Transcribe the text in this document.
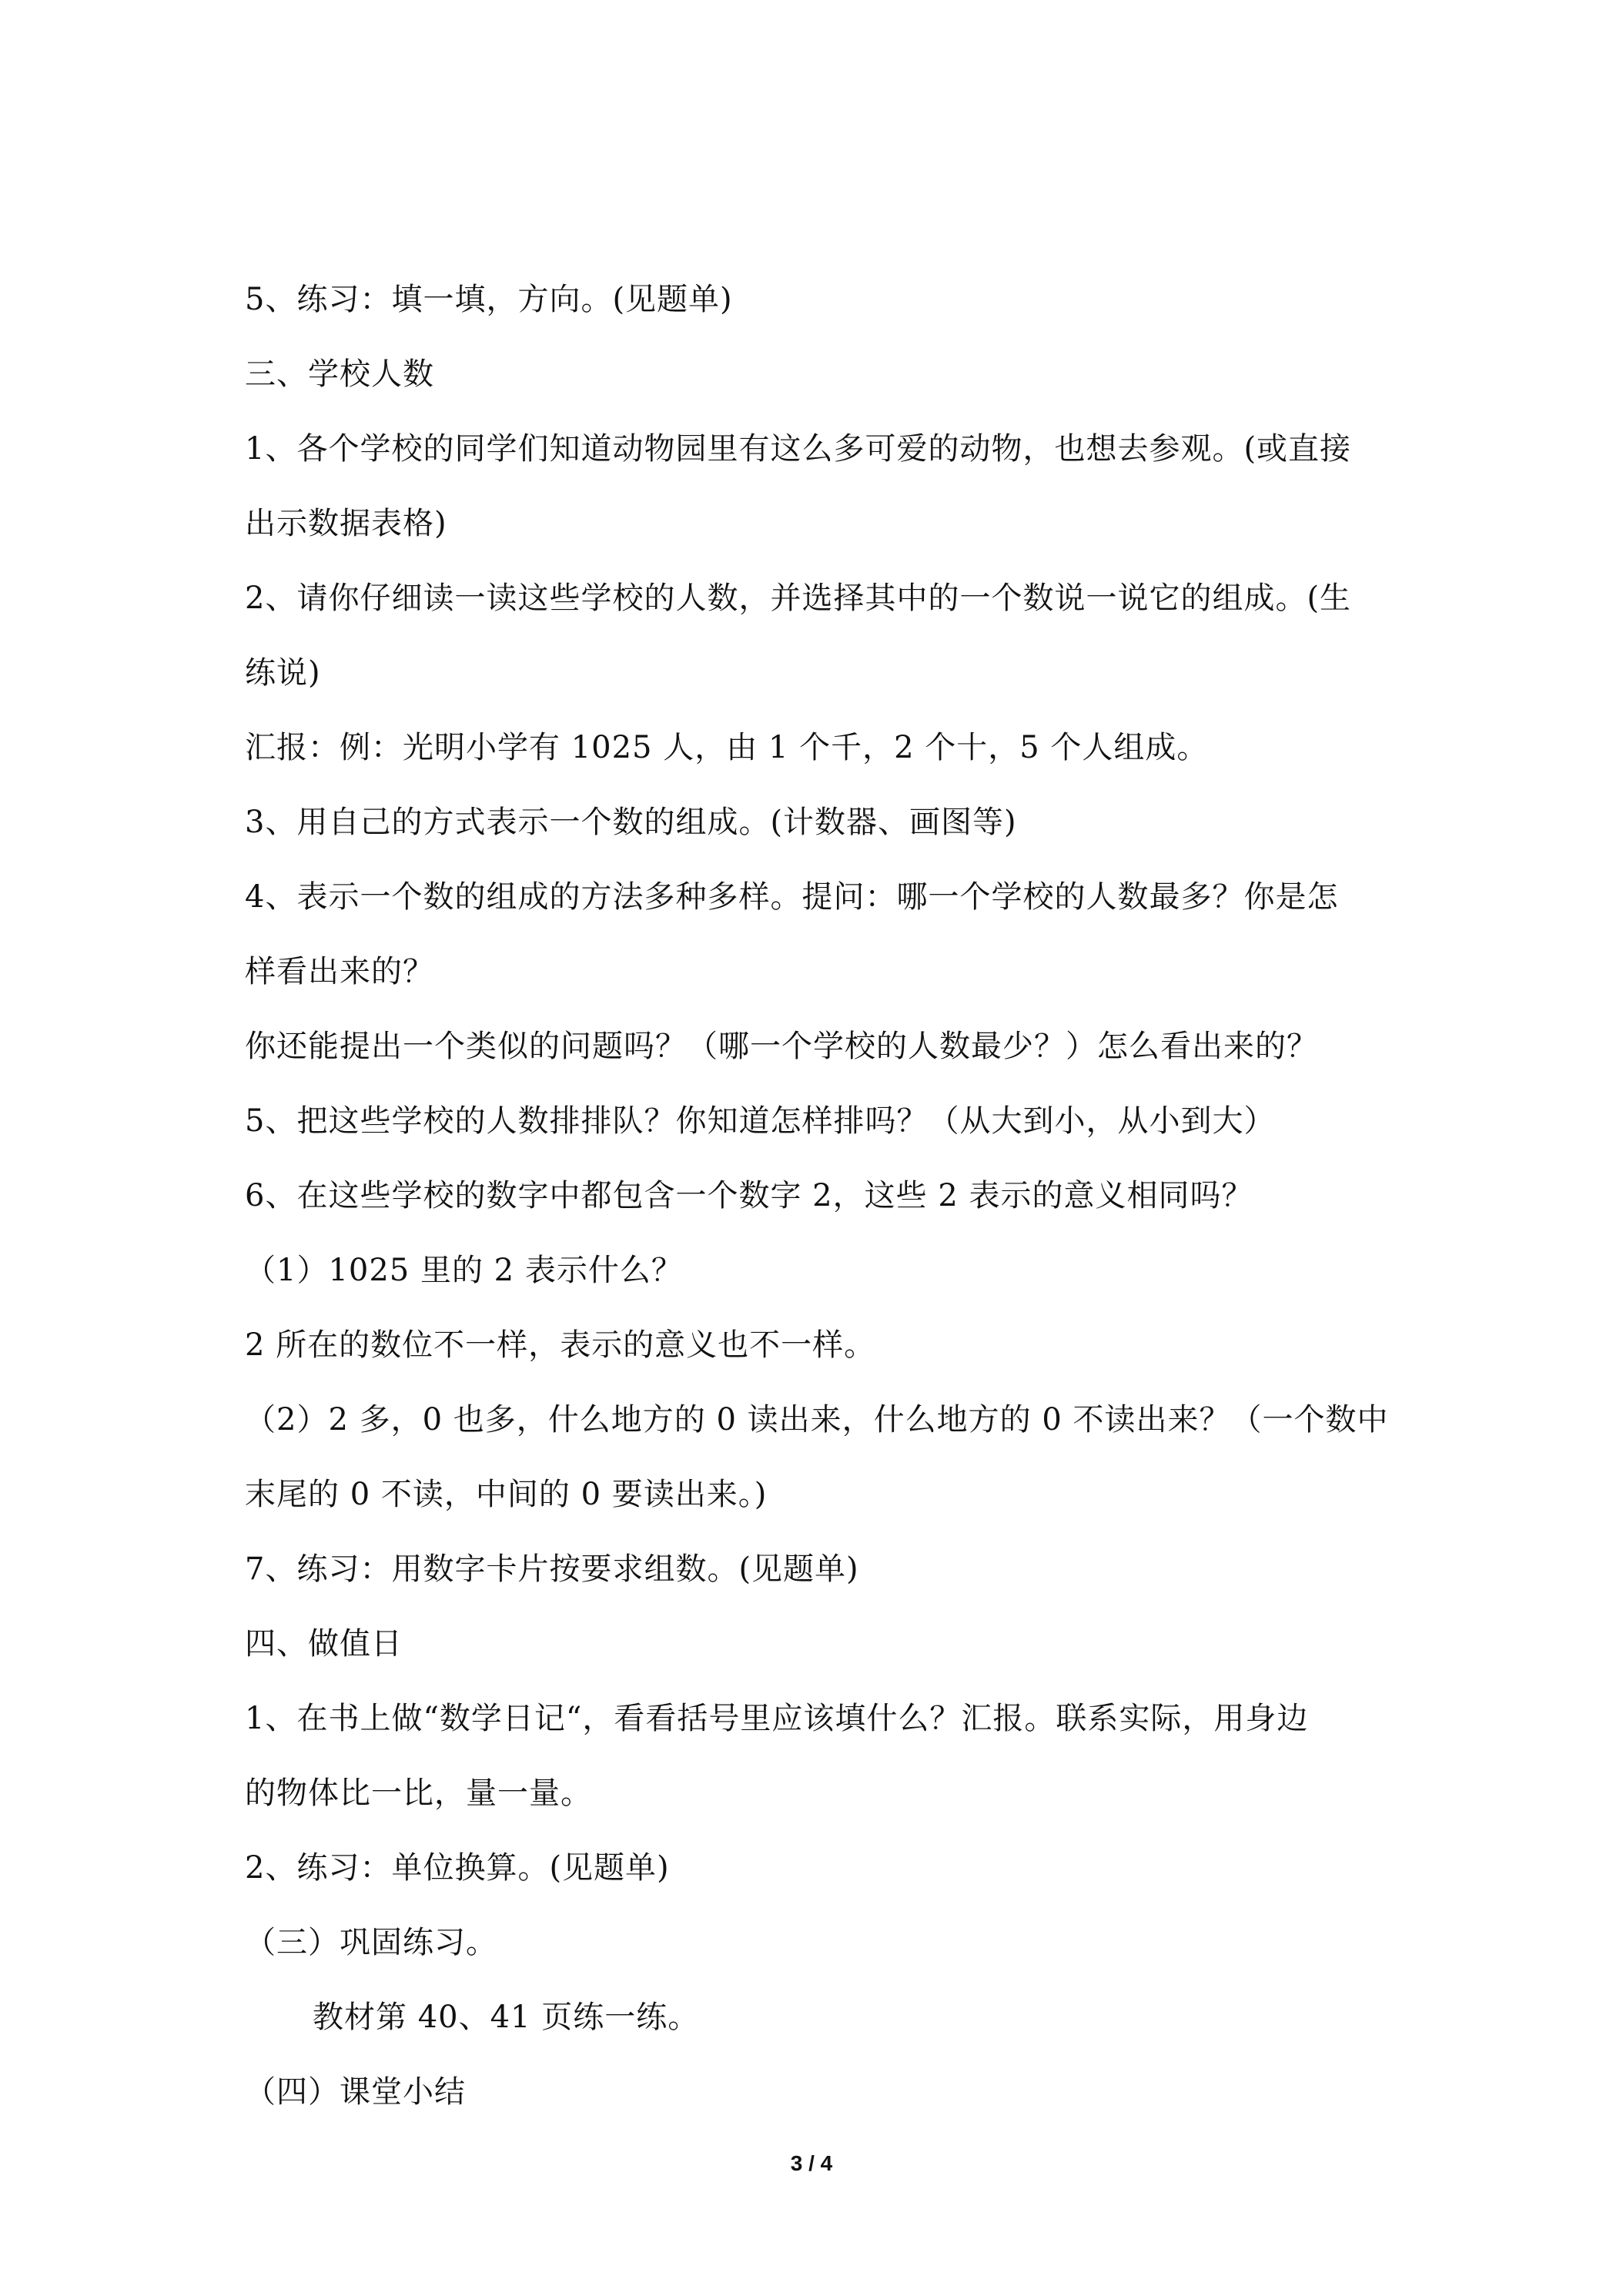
5、练习：填一填，方向。(见题单)
三、学校人数
1、各个学校的同学们知道动物园里有这么多可爱的动物，也想去参观。(或直接
出示数据表格)
2、请你仔细读一读这些学校的人数，并选择其中的一个数说一说它的组成。(生
练说)
汇报：例：光明小学有 1025 人，由 1 个千，2 个十，5 个人组成。
3、用自己的方式表示一个数的组成。(计数器、画图等)
4、表示一个数的组成的方法多种多样。提问：哪一个学校的人数最多？你是怎
样看出来的？
你还能提出一个类似的问题吗？（哪一个学校的人数最少？）怎么看出来的？
5、把这些学校的人数排排队？你知道怎样排吗？（从大到小，从小到大）
6、在这些学校的数字中都包含一个数字 2，这些 2 表示的意义相同吗？
（1）1025 里的 2 表示什么？
2 所在的数位不一样，表示的意义也不一样。
（2）2 多，0 也多，什么地方的 0 读出来，什么地方的 0 不读出来？（一个数中
末尾的 0 不读，中间的 0 要读出来。)
7、练习：用数字卡片按要求组数。(见题单)
四、做值日
1、在书上做“数学日记“，看看括号里应该填什么？汇报。联系实际，用身边
的物体比一比，量一量。
2、练习：单位换算。(见题单)
（三）巩固练习。
教材第 40、41 页练一练。
（四）课堂小结
3 / 4
